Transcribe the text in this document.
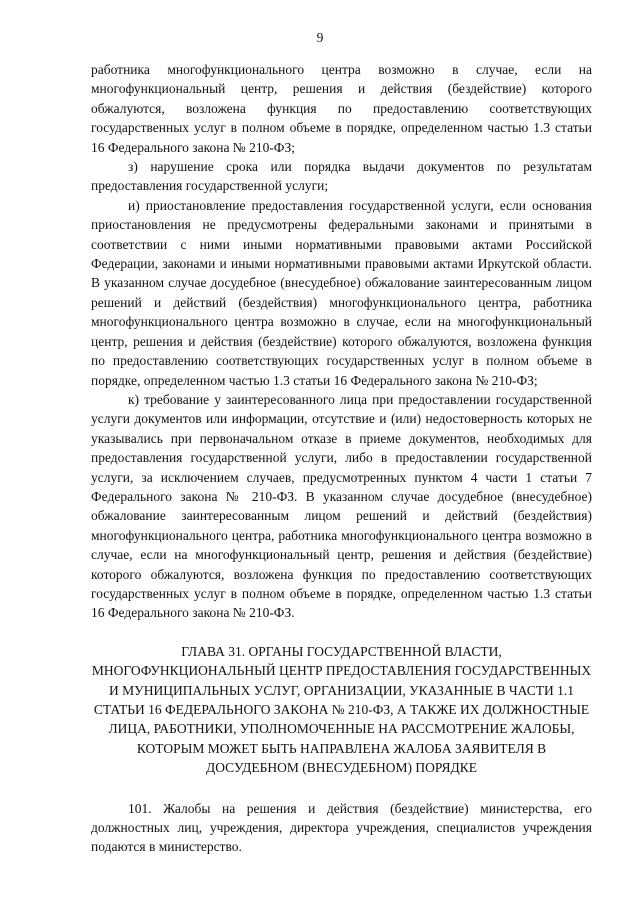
9

работника многофункционального центра возможно в случае, если на многофункциональный центр, решения и действия (бездействие) которого обжалуются, возложена функция по предоставлению соответствующих государственных услуг в полном объеме в порядке, определенном частью 1.3 статьи 16 Федерального закона № 210-ФЗ;

з) нарушение срока или порядка выдачи документов по результатам предоставления государственной услуги;

и) приостановление предоставления государственной услуги, если основания приостановления не предусмотрены федеральными законами и принятыми в соответствии с ними иными нормативными правовыми актами Российской Федерации, законами и иными нормативными правовыми актами Иркутской области. В указанном случае досудебное (внесудебное) обжалование заинтересованным лицом решений и действий (бездействия) многофункционального центра, работника многофункционального центра возможно в случае, если на многофункциональный центр, решения и действия (бездействие) которого обжалуются, возложена функция по предоставлению соответствующих государственных услуг в полном объеме в порядке, определенном частью 1.3 статьи 16 Федерального закона № 210-ФЗ;

к) требование у заинтересованного лица при предоставлении государственной услуги документов или информации, отсутствие и (или) недостоверность которых не указывались при первоначальном отказе в приеме документов, необходимых для предоставления государственной услуги, либо в предоставлении государственной услуги, за исключением случаев, предусмотренных пунктом 4 части 1 статьи 7 Федерального закона № 210-ФЗ. В указанном случае досудебное (внесудебное) обжалование заинтересованным лицом решений и действий (бездействия) многофункционального центра, работника многофункционального центра возможно в случае, если на многофункциональный центр, решения и действия (бездействие) которого обжалуются, возложена функция по предоставлению соответствующих государственных услуг в полном объеме в порядке, определенном частью 1.3 статьи 16 Федерального закона № 210-ФЗ.

ГЛАВА 31. ОРГАНЫ ГОСУДАРСТВЕННОЙ ВЛАСТИ, МНОГОФУНКЦИОНАЛЬНЫЙ ЦЕНТР ПРЕДОСТАВЛЕНИЯ ГОСУДАРСТВЕННЫХ И МУНИЦИПАЛЬНЫХ УСЛУГ, ОРГАНИЗАЦИИ, УКАЗАННЫЕ В ЧАСТИ 1.1 СТАТЬИ 16 ФЕДЕРАЛЬНОГО ЗАКОНА № 210-ФЗ, А ТАКЖЕ ИХ ДОЛЖНОСТНЫЕ ЛИЦА, РАБОТНИКИ, УПОЛНОМОЧЕННЫЕ НА РАССМОТРЕНИЕ ЖАЛОБЫ, КОТОРЫМ МОЖЕТ БЫТЬ НАПРАВЛЕНА ЖАЛОБА ЗАЯВИТЕЛЯ В ДОСУДЕБНОМ (ВНЕСУДЕБНОМ) ПОРЯДКЕ

101. Жалобы на решения и действия (бездействие) министерства, его должностных лиц, учреждения, директора учреждения, специалистов учреждения подаются в министерство.
